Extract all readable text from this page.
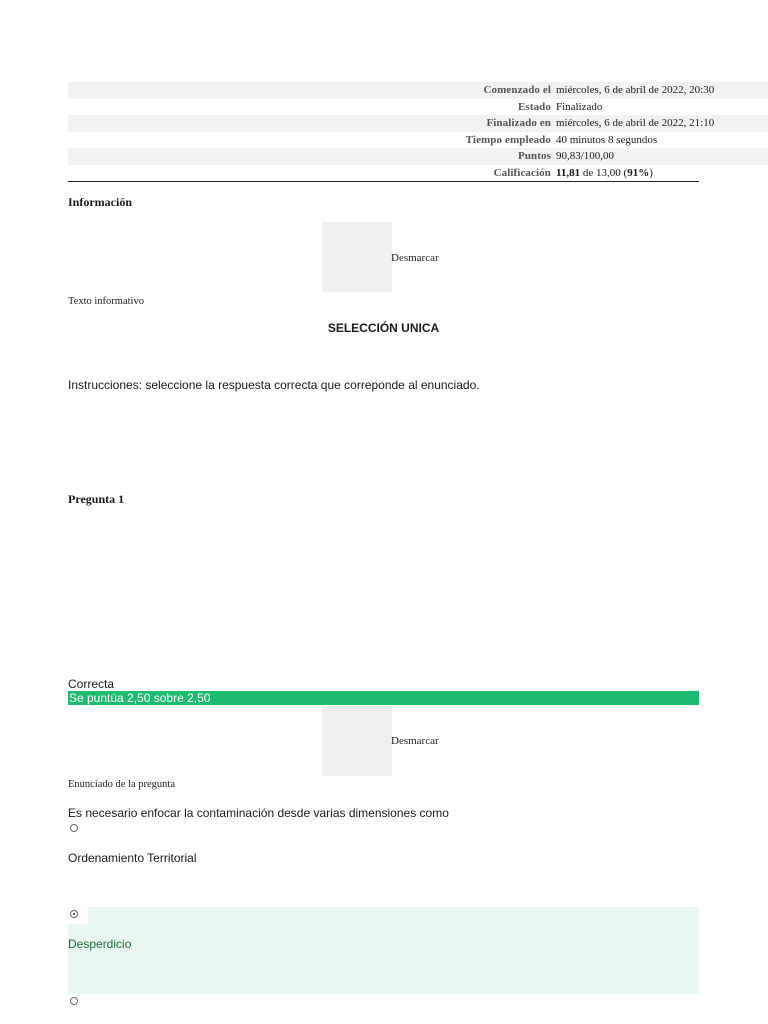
Comenzado el miércoles, 6 de abril de 2022, 20:30
Estado Finalizado
Finalizado en miércoles, 6 de abril de 2022, 21:10
Tiempo empleado 40 minutos 8 segundos
Puntos 90,83/100,00
Calificación 11,81 de 13,00 (91%)
Información
Desmarcar
Texto informativo
SELECCIÓN UNICA
Instrucciones: seleccione la respuesta correcta que correponde al enunciado.
Pregunta 1
Correcta
Se puntúa 2,50 sobre 2,50
Desmarcar
Enunciado de la pregunta
Es necesario enfocar la contaminación desde varias dimensiones como
Ordenamiento Territorial
Desperdicio
